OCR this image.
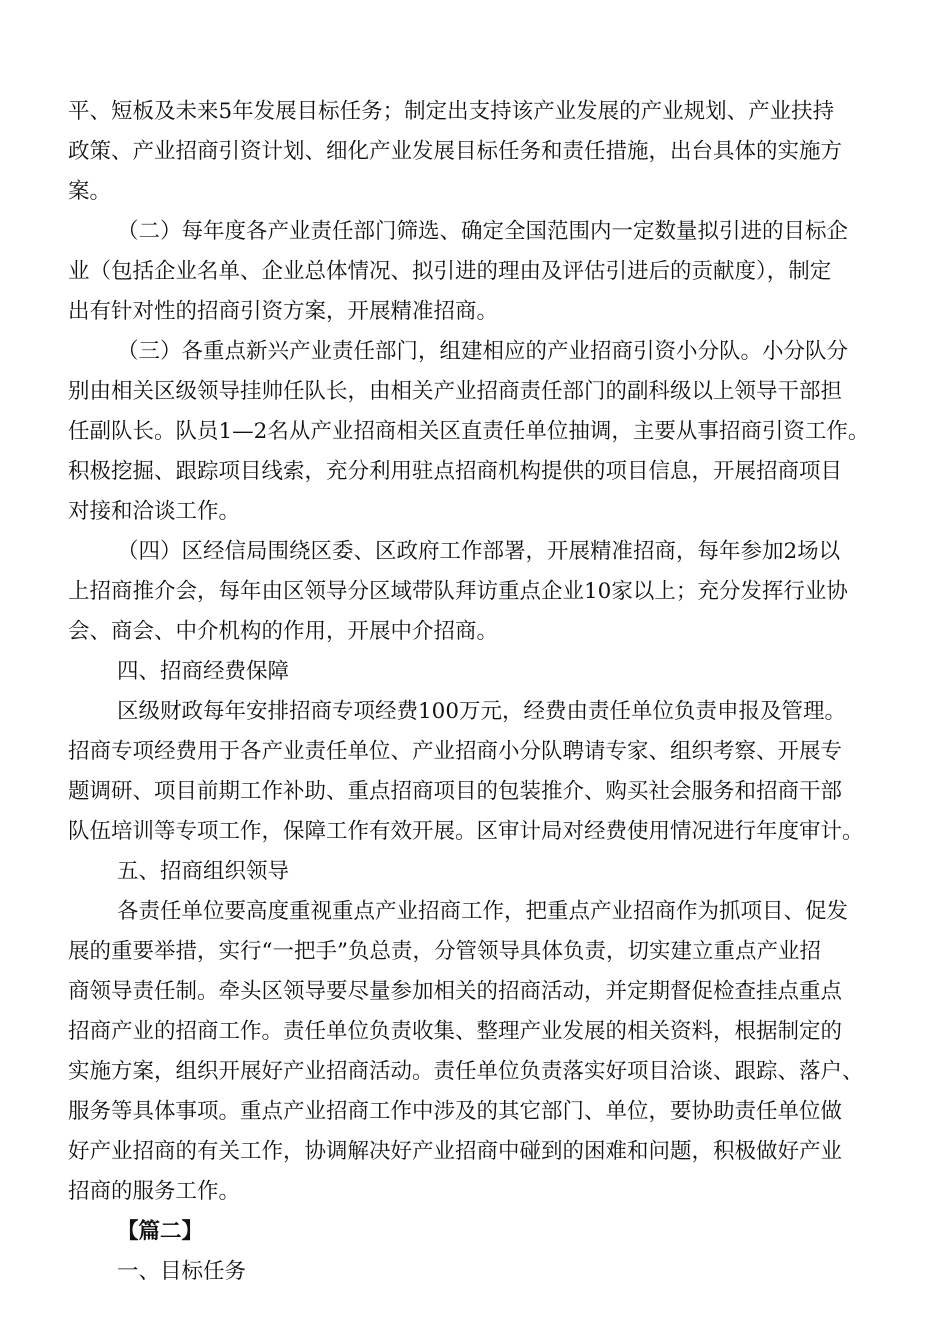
平、短板及未来5年发展目标任务；制定出支持该产业发展的产业规划、产业扶持
政策、产业招商引资计划、细化产业发展目标任务和责任措施，出台具体的实施方
案。
（二）每年度各产业责任部门筛选、确定全国范围内一定数量拟引进的目标企
业（包括企业名单、企业总体情况、拟引进的理由及评估引进后的贡献度），制定
出有针对性的招商引资方案，开展精准招商。
（三）各重点新兴产业责任部门，组建相应的产业招商引资小分队。小分队分
别由相关区级领导挂帅任队长，由相关产业招商责任部门的副科级以上领导干部担
任副队长。队员1—2名从产业招商相关区直责任单位抽调，主要从事招商引资工作。
积极挖掘、跟踪项目线索，充分利用驻点招商机构提供的项目信息，开展招商项目
对接和洽谈工作。
（四）区经信局围绕区委、区政府工作部署，开展精准招商，每年参加2场以
上招商推介会，每年由区领导分区域带队拜访重点企业10家以上；充分发挥行业协
会、商会、中介机构的作用，开展中介招商。
四、招商经费保障
区级财政每年安排招商专项经费100万元，经费由责任单位负责申报及管理。
招商专项经费用于各产业责任单位、产业招商小分队聘请专家、组织考察、开展专
题调研、项目前期工作补助、重点招商项目的包装推介、购买社会服务和招商干部
队伍培训等专项工作，保障工作有效开展。区审计局对经费使用情况进行年度审计。
五、招商组织领导
各责任单位要高度重视重点产业招商工作，把重点产业招商作为抓项目、促发
展的重要举措，实行“一把手”负总责，分管领导具体负责，切实建立重点产业招
商领导责任制。牵头区领导要尽量参加相关的招商活动，并定期督促检查挂点重点
招商产业的招商工作。责任单位负责收集、整理产业发展的相关资料，根据制定的
实施方案，组织开展好产业招商活动。责任单位负责落实好项目洽谈、跟踪、落户、
服务等具体事项。重点产业招商工作中涉及的其它部门、单位，要协助责任单位做
好产业招商的有关工作，协调解决好产业招商中碰到的困难和问题，积极做好产业
招商的服务工作。
【篇二】
一、目标任务
